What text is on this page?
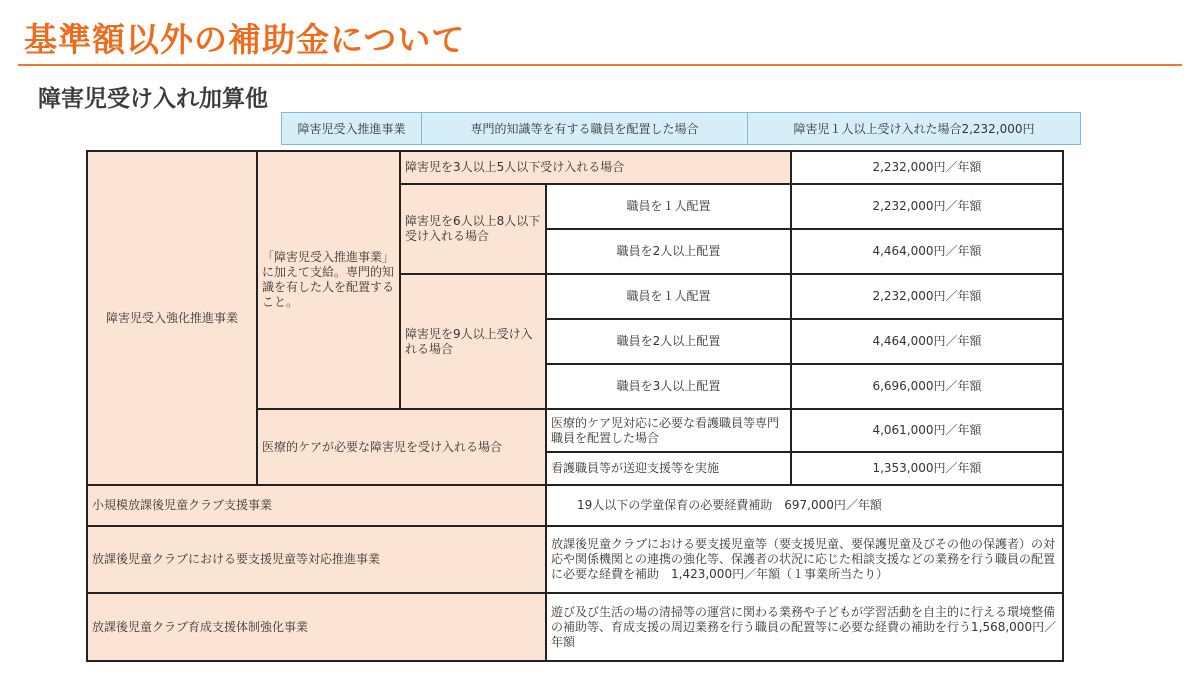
基準額以外の補助金について
障害児受け入れ加算他
障害児受入推進事業	専門的知識等を有する職員を配置した場合	障害児１人以上受け入れた場合2,232,000円
障害児受入強化推進事業	「障害児受入推進事業」に加えて支給。専門的知識を有した人を配置すること。	障害児を3人以上5人以下受け入れる場合		2,232,000円／年額
		障害児を6人以上8人以下受け入れる場合	職員を１人配置	2,232,000円／年額
			職員を2人以上配置	4,464,000円／年額
		障害児を9人以上受け入れる場合	職員を１人配置	2,232,000円／年額
			職員を2人以上配置	4,464,000円／年額
			職員を3人以上配置	6,696,000円／年額
	医療的ケアが必要な障害児を受け入れる場合		医療的ケア児対応に必要な看護職員等専門職員を配置した場合	4,061,000円／年額
			看護職員等が送迎支援等を実施	1,353,000円／年額
小規模放課後児童クラブ支援事業			19人以下の学童保育の必要経費補助　697,000円／年額	
放課後児童クラブにおける要支援児童等対応推進事業			放課後児童クラブにおける要支援児童等（要支援児童、要保護児童及びその他の保護者）の対応や関係機関との連携の強化等、保護者の状況に応じた相談支援などの業務を行う職員の配置に必要な経費を補助　1,423,000円／年額（１事業所当たり）	
放課後児童クラブ育成支援体制強化事業			遊び及び生活の場の清掃等の運営に関わる業務や子どもが学習活動を自主的に行える環境整備の補助等、育成支援の周辺業務を行う職員の配置等に必要な経費の補助を行う1,568,000円／年額	
